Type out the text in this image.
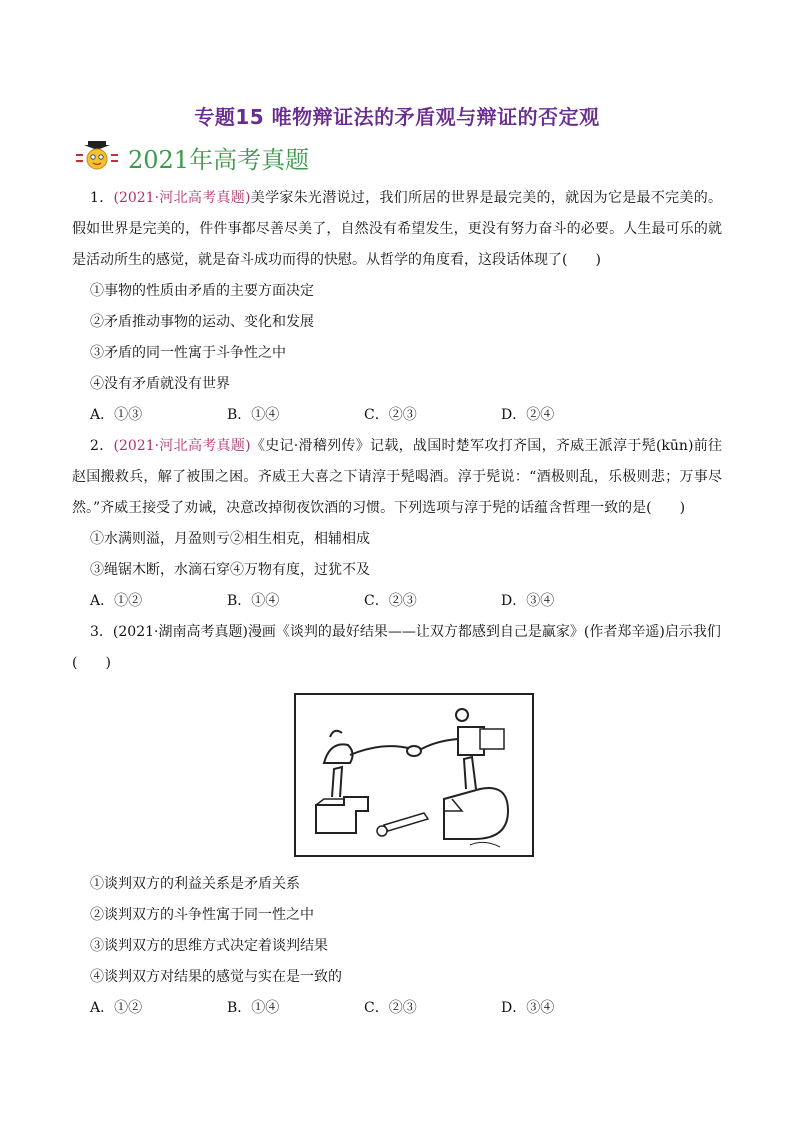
专题15 唯物辩证法的矛盾观与辩证的否定观
2021年高考真题

1．(2021·河北高考真题)美学家朱光潜说过，我们所居的世界是最完美的，就因为它是最不完美的。假如世界是完美的，件件事都尽善尽美了，自然没有希望发生，更没有努力奋斗的必要。人生最可乐的就是活动所生的感觉，就是奋斗成功而得的快慰。从哲学的角度看，这段话体现了(　　)

①事物的性质由矛盾的主要方面决定

②矛盾推动事物的运动、变化和发展

③矛盾的同一性寓于斗争性之中

④没有矛盾就没有世界

A．①③	B．①④	C．②③	D．②④

2．(2021·河北高考真题)《史记·滑稽列传》记载，战国时楚军攻打齐国，齐威王派淳于髡(kūn)前往赵国搬救兵，解了被围之困。齐威王大喜之下请淳于髡喝酒。淳于髡说：“酒极则乱，乐极则悲；万事尽然。”齐威王接受了劝诫，决意改掉彻夜饮酒的习惯。下列选项与淳于髡的话蕴含哲理一致的是(　　)

①水满则溢，月盈则亏②相生相克，相辅相成

③绳锯木断，水滴石穿④万物有度，过犹不及

A．①②	B．①④	C．②③	D．③④

3．(2021·湖南高考真题)漫画《谈判的最好结果——让双方都感到自己是赢家》(作者郑辛遥)启示我们

(　　)

①谈判双方的利益关系是矛盾关系

②谈判双方的斗争性寓于同一性之中

③谈判双方的思维方式决定着谈判结果

④谈判双方对结果的感觉与实在是一致的

A．①②	B．①④	C．②③	D．③④
